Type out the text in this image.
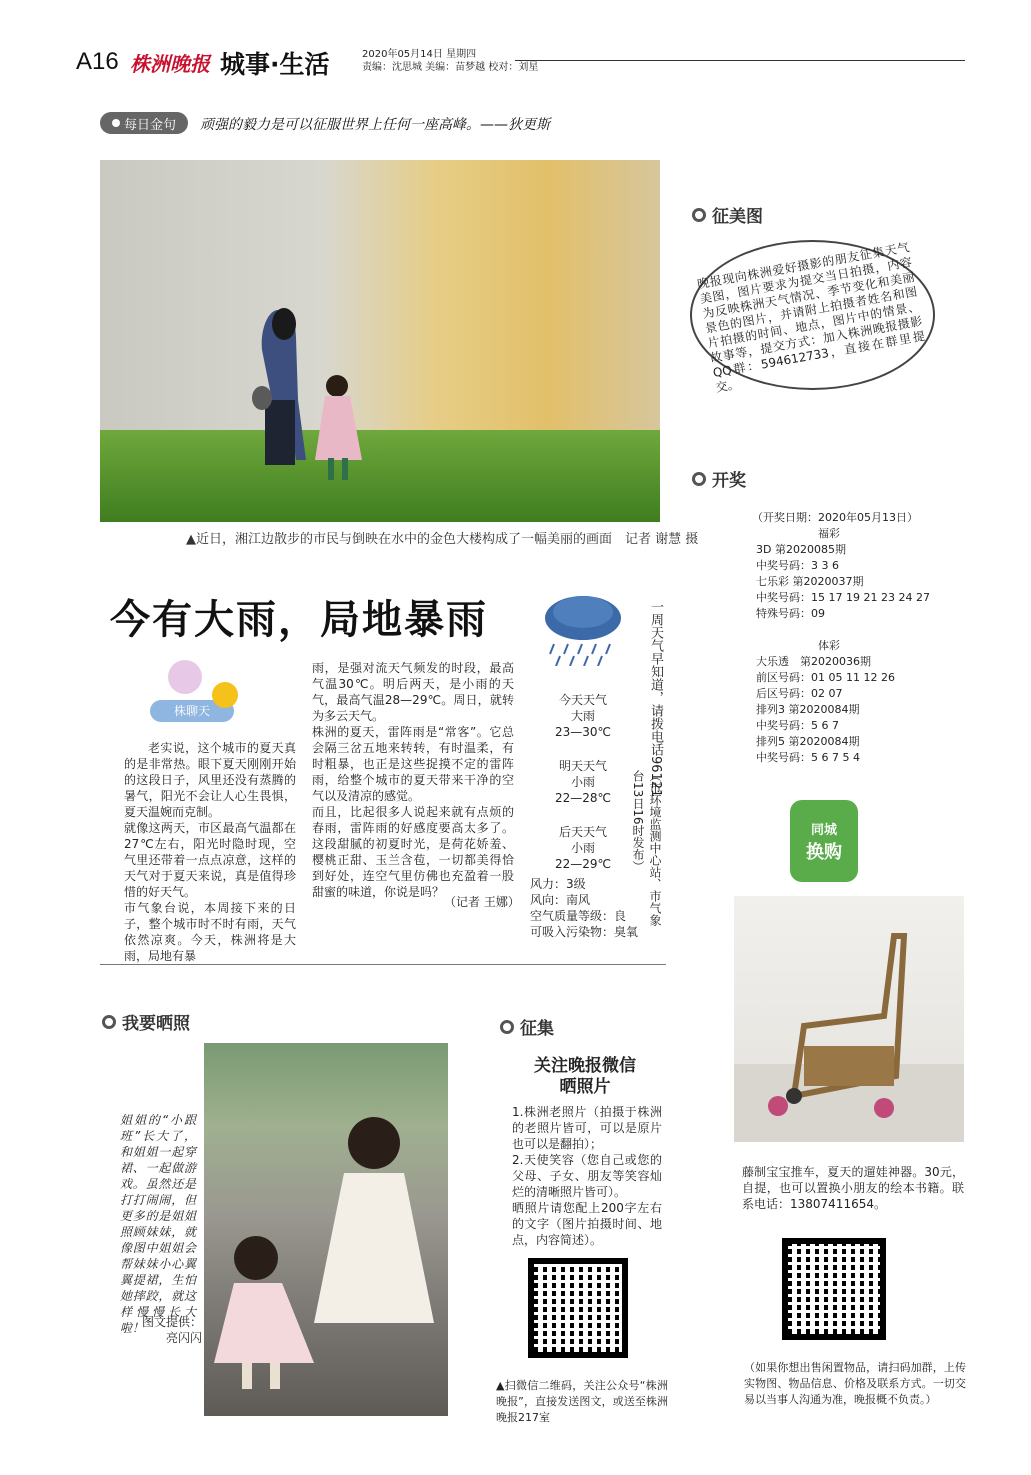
A16 株洲晚报 城事·生活	2020年05月14日 星期四
责编：沈思城 美编：苗梦越 校对：刘星
每日金句 顽强的毅力是可以征服世界上任何一座高峰。——狄更斯
▲近日，湘江边散步的市民与倒映在水中的金色大楼构成了一幅美丽的画面　记者 谢慧 摄
今有大雨，局地暴雨
株聊天
老实说，这个城市的夏天真的是非常热。眼下夏天刚刚开始的这段日子，风里还没有蒸腾的暑气，阳光不会让人心生畏惧，夏天温婉而克制。
就像这两天，市区最高气温都在27℃左右，阳光时隐时现，空气里还带着一点点凉意，这样的天气对于夏天来说，真是值得珍惜的好天气。
市气象台说，本周接下来的日子，整个城市时不时有雨，天气依然凉爽。今天，株洲将是大雨，局地有暴
雨，是强对流天气频发的时段，最高气温30℃。明后两天，是小雨的天气，最高气温28—29℃。周日，就转为多云天气。
株洲的夏天，雷阵雨是“常客”。它总会隔三岔五地来转转，有时温柔，有时粗暴，也正是这些捉摸不定的雷阵雨，给整个城市的夏天带来干净的空气以及清凉的感觉。
而且，比起很多人说起来就有点烦的春雨，雷阵雨的好感度要高太多了。这段甜腻的初夏时光，是荷花娇羞、樱桃正甜、玉兰含苞，一切都美得恰到好处，连空气里仿佛也充盈着一股甜蜜的味道，你说是吗？
（记者 王娜）
今天天气
大雨
23—30℃
明天天气
小雨
22—28℃
后天天气
小雨
22—29℃
风力：3级
风向：南风
空气质量等级：良
可吸入污染物：臭氧
一周天气早知道，请拨电话96121
（市环境监测中心站、市气象台13日16时发布）
征美图
晚报现向株洲爱好摄影的朋友征集天气美图，图片要求为提交当日拍摄，内容为反映株洲天气情况、季节变化和美丽景色的图片，并请附上拍摄者姓名和图片拍摄的时间、地点，图片中的情景、故事等，提交方式：加入株洲晚报摄影QQ群：594612733，直接在群里提交。
开奖
（开奖日期：2020年05月13日）
福彩
3D 第2020085期
中奖号码：3 3 6
七乐彩 第2020037期
中奖号码：15 17 19 21 23 24 27
特殊号码：09
体彩
大乐透　第2020036期
前区号码：01 05 11 12 26
后区号码：02 07
排列3 第2020084期
中奖号码：5 6 7
排列5 第2020084期
中奖号码：5 6 7 5 4
同城
换购
藤制宝宝推车，夏天的遛娃神器。30元，自提，也可以置换小朋友的绘本书籍。联系电话：13807411654。
（如果你想出售闲置物品，请扫码加群，上传实物图、物品信息、价格及联系方式。一切交易以当事人沟通为准，晚报概不负责。）
我要晒照
姐姐的“小跟班”长大了，和姐姐一起穿裙、一起做游戏。虽然还是打打闹闹，但更多的是姐姐照顾妹妹，就像图中姐姐会帮妹妹小心翼翼提裙，生怕她摔跤，就这样慢慢长大啦！
图文提供：
亮闪闪
征集
关注晚报微信
晒照片
1.株洲老照片（拍摄于株洲的老照片皆可，可以是原片也可以是翻拍）；
2.天使笑容（您自己或您的父母、子女、朋友等笑容灿烂的清晰照片皆可）。
晒照片请您配上200字左右的文字（图片拍摄时间、地点，内容简述）。
▲扫微信二维码，关注公众号“株洲晚报”，直接发送图文，或送至株洲晚报217室
